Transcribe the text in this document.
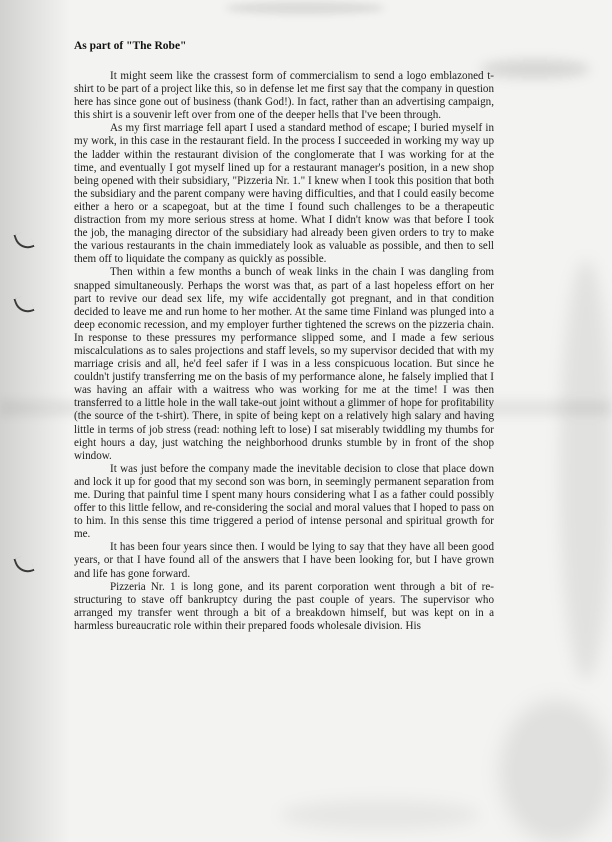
As part of "The Robe"

It might seem like the crassest form of commercialism to send a logo emblazoned t-shirt to be part of a project like this, so in defense let me first say that the company in question here has since gone out of business (thank God!). In fact, rather than an advertising campaign, this shirt is a souvenir left over from one of the deeper hells that I've been through.

As my first marriage fell apart I used a standard method of escape; I buried myself in my work, in this case in the restaurant field. In the process I succeeded in working my way up the ladder within the restaurant division of the conglomerate that I was working for at the time, and eventually I got myself lined up for a restaurant manager's position, in a new shop being opened with their subsidiary, "Pizzeria Nr. 1." I knew when I took this position that both the subsidiary and the parent company were having difficulties, and that I could easily become either a hero or a scapegoat, but at the time I found such challenges to be a therapeutic distraction from my more serious stress at home. What I didn't know was that before I took the job, the managing director of the subsidiary had already been given orders to try to make the various restaurants in the chain immediately look as valuable as possible, and then to sell them off to liquidate the company as quickly as possible.

Then within a few months a bunch of weak links in the chain I was dangling from snapped simultaneously. Perhaps the worst was that, as part of a last hopeless effort on her part to revive our dead sex life, my wife accidentally got pregnant, and in that condition decided to leave me and run home to her mother. At the same time Finland was plunged into a deep economic recession, and my employer further tightened the screws on the pizzeria chain. In response to these pressures my performance slipped some, and I made a few serious miscalculations as to sales projections and staff levels, so my supervisor decided that with my marriage crisis and all, he'd feel safer if I was in a less conspicuous location. But since he couldn't justify transferring me on the basis of my performance alone, he falsely implied that I was having an affair with a waitress who was working for me at the time! I was then transferred to a little hole in the wall take-out joint without a glimmer of hope for profitability (the source of the t-shirt). There, in spite of being kept on a relatively high salary and having little in terms of job stress (read: nothing left to lose) I sat miserably twiddling my thumbs for eight hours a day, just watching the neighborhood drunks stumble by in front of the shop window.

It was just before the company made the inevitable decision to close that place down and lock it up for good that my second son was born, in seemingly permanent separation from me. During that painful time I spent many hours considering what I as a father could possibly offer to this little fellow, and re-considering the social and moral values that I hoped to pass on to him. In this sense this time triggered a period of intense personal and spiritual growth for me.

It has been four years since then. I would be lying to say that they have all been good years, or that I have found all of the answers that I have been looking for, but I have grown and life has gone forward.

Pizzeria Nr. 1 is long gone, and its parent corporation went through a bit of re-structuring to stave off bankruptcy during the past couple of years. The supervisor who arranged my transfer went through a bit of a breakdown himself, but was kept on in a harmless bureaucratic role within their prepared foods wholesale division. His
